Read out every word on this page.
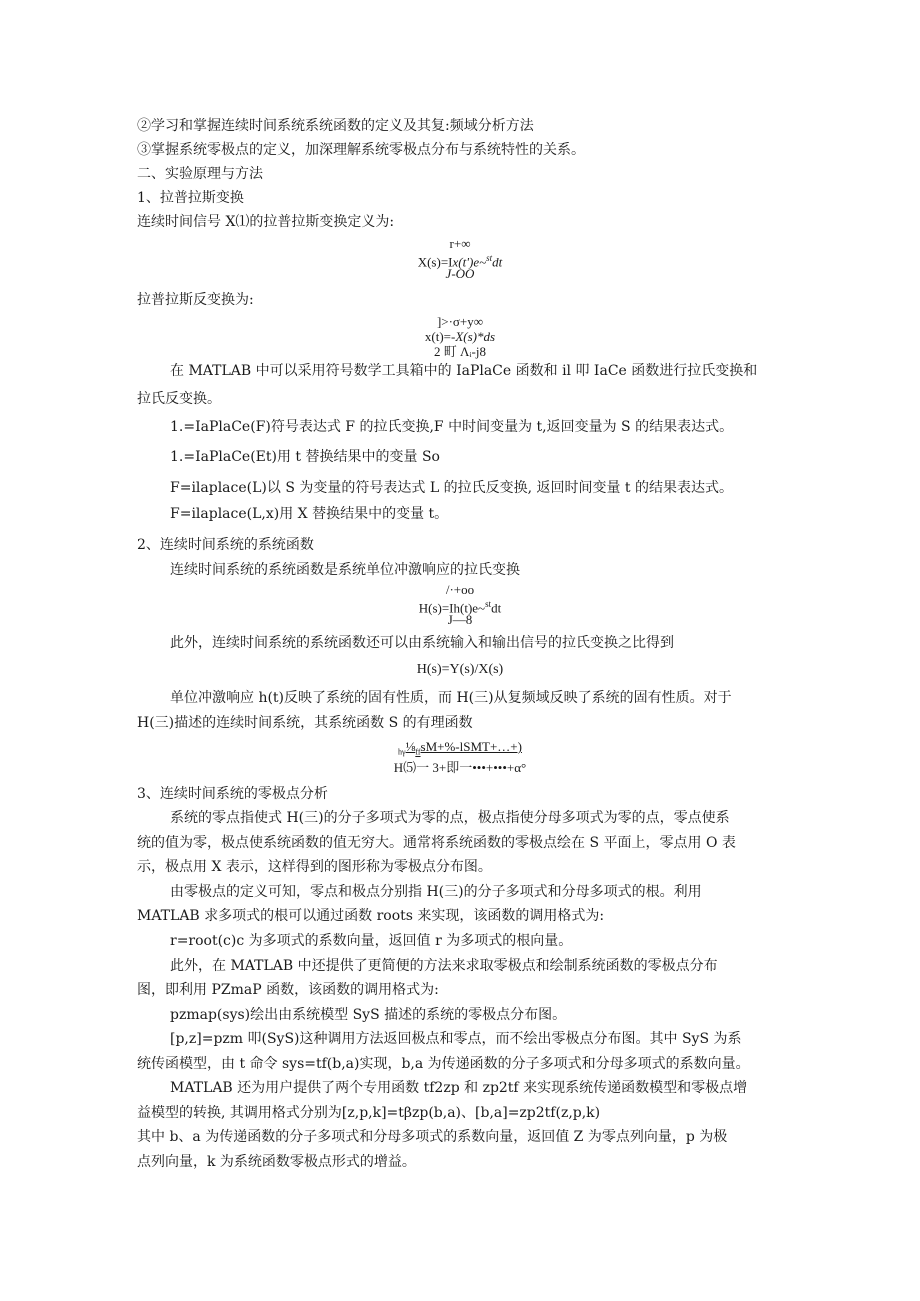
②学习和掌握连续时间系统系统函数的定义及其复:频域分析方法
③掌握系统零极点的定义，加深理解系统零极点分布与系统特性的关系。
二、实验原理与方法
1、拉普拉斯变换
连续时间信号 X⑴的拉普拉斯变换定义为:
r+∞
X(s)=Ix(t')e~$^{st}$dt
J-OO
拉普拉斯反变换为:
]>·σ+y∞
x(t)=-X(s)*ds
2 町 Λᵢ-j8
在 MATLAB 中可以采用符号数学工具箱中的 IaPlaCe 函数和 il 叩 IaCe 函数进行拉氏变换和
拉氏反变换。
1.=IaPlaCe(F)符号表达式 F 的拉氏变换,F 中时间变量为 t,返回变量为 S 的结果表达式。
1.=IaPlaCe(Et)用 t 替换结果中的变量 So
F=ilaplace(L)以 S 为变量的符号表达式 L 的拉氏反变换, 返回时间变量 t 的结果表达式。
F=ilaplace(L,x)用 X 替换结果中的变量 t。
2、连续时间系统的系统函数
连续时间系统的系统函数是系统单位冲激响应的拉氏变换
/·+oo
H(s)=Ih(t)e~$^{st}$dt
J—8
此外，连续时间系统的系统函数还可以由系统输入和输出信号的拉氏变换之比得到
H(s)=Y(s)/X(s)
单位冲激响应 h(t)反映了系统的固有性质，而 H(三)从复频域反映了系统的固有性质。对于
H(三)描述的连续时间系统，其系统函数 S 的有理函数
$_{h\gamma}\frac{1}{8}_{ff}sM+\%-lSMT+\dots+$)
H⑸一 3+即一•••+•••+α°
3、连续时间系统的零极点分析
系统的零点指使式 H(三)的分子多项式为零的点，极点指使分母多项式为零的点，零点使系
统的值为零，极点使系统函数的值无穷大。通常将系统函数的零极点绘在 S 平面上，零点用 O 表
示，极点用 X 表示，这样得到的图形称为零极点分布图。
由零极点的定义可知，零点和极点分别指 H(三)的分子多项式和分母多项式的根。利用
MATLAB 求多项式的根可以通过函数 roots 来实现，该函数的调用格式为:
r=root(c)c 为多项式的系数向量，返回值 r 为多项式的根向量。
此外，在 MATLAB 中还提供了更简便的方法来求取零极点和绘制系统函数的零极点分布
图，即利用 PZmaP 函数，该函数的调用格式为:
pzmap(sys)绘出由系统模型 SyS 描述的系统的零极点分布图。
[p,z]=pzm 叩(SyS)这种调用方法返回极点和零点，而不绘出零极点分布图。其中 SyS 为系
统传函模型，由 t 命令 sys=tf(b,a)实现，b,a 为传递函数的分子多项式和分母多项式的系数向量。
MATLAB 还为用户提供了两个专用函数 tf2zp 和 zp2tf 来实现系统传递函数模型和零极点增
益模型的转换, 其调用格式分别为[z,p,k]=tβzp(b,a)、[b,a]=zp2tf(z,p,k)
其中 b、a 为传递函数的分子多项式和分母多项式的系数向量，返回值 Z 为零点列向量，p 为极
点列向量，k 为系统函数零极点形式的增益。
